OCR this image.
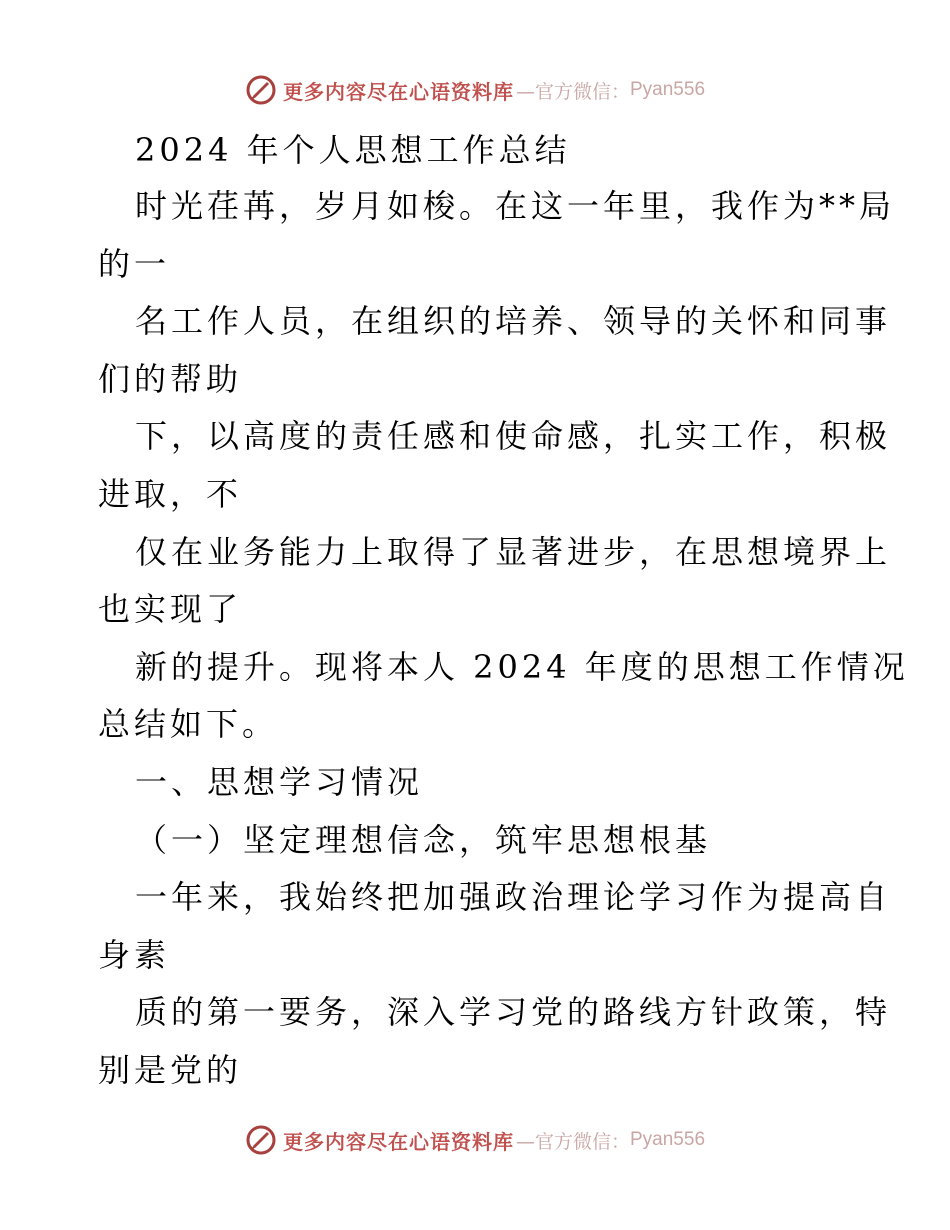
更多内容尽在心语资料库 —官方微信： Pyan556
2024 年个人思想工作总结
时光荏苒，岁月如梭。在这一年里，我作为**局
的一
名工作人员，在组织的培养、领导的关怀和同事
们的帮助
下，以高度的责任感和使命感，扎实工作，积极
进取，不
仅在业务能力上取得了显著进步，在思想境界上
也实现了
新的提升。现将本人 2024 年度的思想工作情况
总结如下。
一、思想学习情况
（一）坚定理想信念，筑牢思想根基
一年来，我始终把加强政治理论学习作为提高自
身素
质的第一要务，深入学习党的路线方针政策，特
别是党的
更多内容尽在心语资料库 —官方微信： Pyan556
